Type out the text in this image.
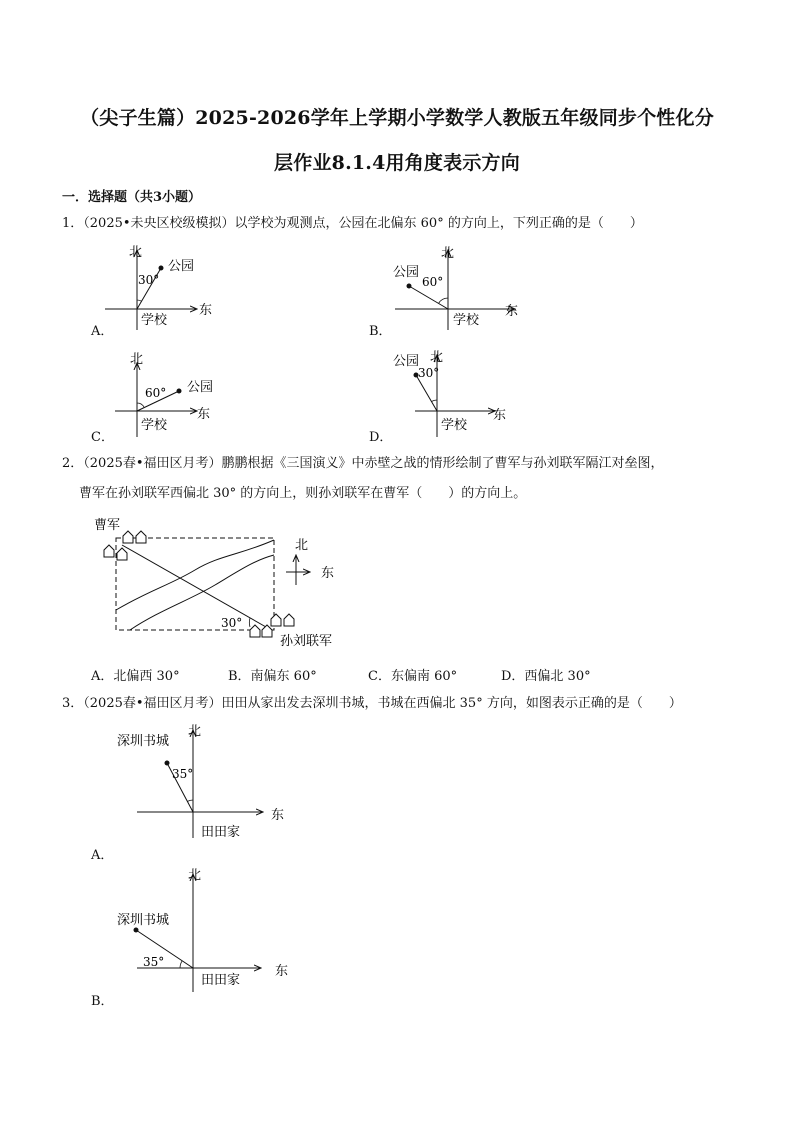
（尖子生篇）2025-2026学年上学期小学数学人教版五年级同步个性化分
层作业8.1.4用角度表示方向
一．选择题（共3小题）
1．（2025•未央区校级模拟）以学校为观测点，公园在北偏东 60° 的方向上，下列正确的是（　　）
北
东
学校
公园
30°
A．
北
东
学校
公园
60°
B．
北
东
学校
公园
60°
C．
北
东
学校
公园
30°
D．
2．（2025春•福田区月考）鹏鹏根据《三国演义》中赤壁之战的情形绘制了曹军与孙刘联军隔江对垒图，
曹军在孙刘联军西偏北 30° 的方向上，则孙刘联军在曹军（　　）的方向上。
曹军
孙刘联军
30°
北
东
A．北偏西 30°	B．南偏东 60°	C．东偏南 60°	D．西偏北 30°
3．（2025春•福田区月考）田田从家出发去深圳书城，书城在西偏北 35° 方向，如图表示正确的是（　　）
北
东
田田家
深圳书城
35°
A．
北
东
田田家
深圳书城
35°
B．
